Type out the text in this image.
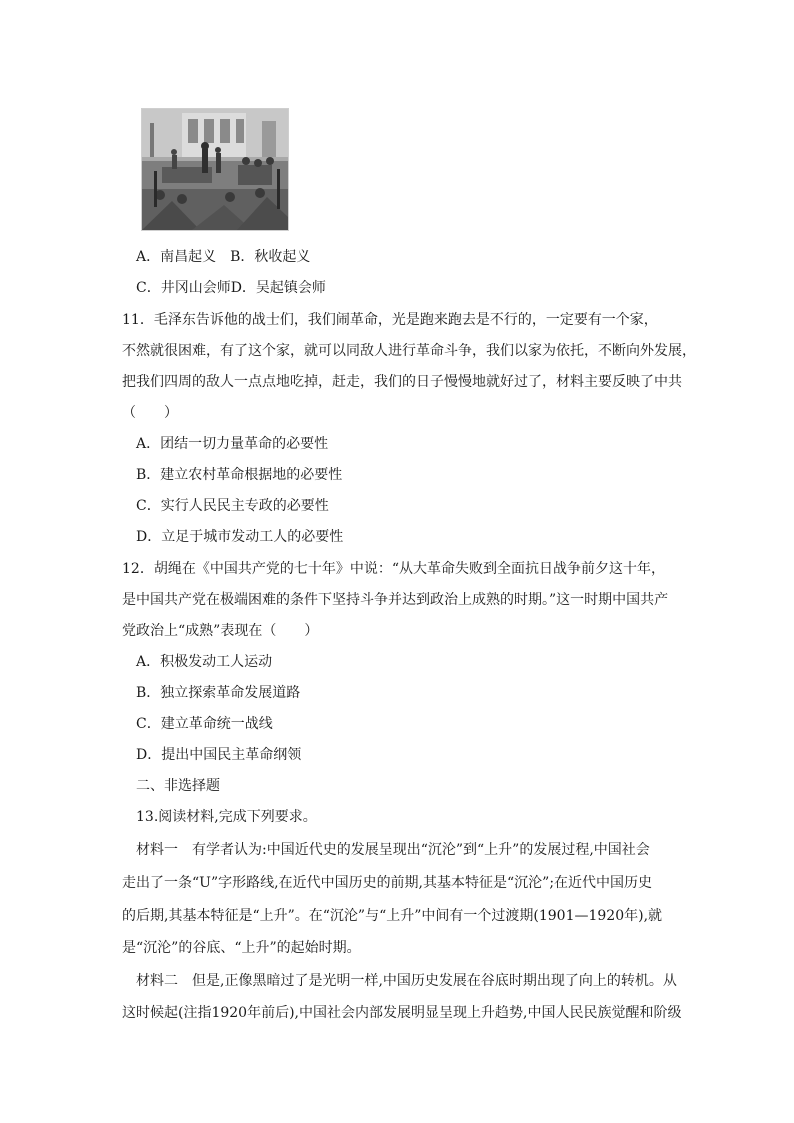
A．南昌起义　B．秋收起义
C．井冈山会师D．吴起镇会师
11．毛泽东告诉他的战士们，我们闹革命，光是跑来跑去是不行的，一定要有一个家，
不然就很困难，有了这个家，就可以同敌人进行革命斗争，我们以家为依托，不断向外发展，
把我们四周的敌人一点点地吃掉，赶走，我们的日子慢慢地就好过了，材料主要反映了中共
（　　）
A．团结一切力量革命的必要性
B．建立农村革命根据地的必要性
C．实行人民民主专政的必要性
D．立足于城市发动工人的必要性
12．胡绳在《中国共产党的七十年》中说：“从大革命失败到全面抗日战争前夕这十年，
是中国共产党在极端困难的条件下坚持斗争并达到政治上成熟的时期。”这一时期中国共产
党政治上“成熟”表现在（　　）
A．积极发动工人运动
B．独立探索革命发展道路
C．建立革命统一战线
D．提出中国民主革命纲领
二、非选择题
13.阅读材料,完成下列要求。
材料一　有学者认为:中国近代史的发展呈现出“沉沦”到“上升”的发展过程,中国社会
走出了一条“U”字形路线,在近代中国历史的前期,其基本特征是“沉沦”;在近代中国历史
的后期,其基本特征是“上升”。在“沉沦”与“上升”中间有一个过渡期(1901—1920年),就
是“沉沦”的谷底、“上升”的起始时期。
材料二　但是,正像黑暗过了是光明一样,中国历史发展在谷底时期出现了向上的转机。从
这时候起(注指1920年前后),中国社会内部发展明显呈现上升趋势,中国人民民族觉醒和阶级
